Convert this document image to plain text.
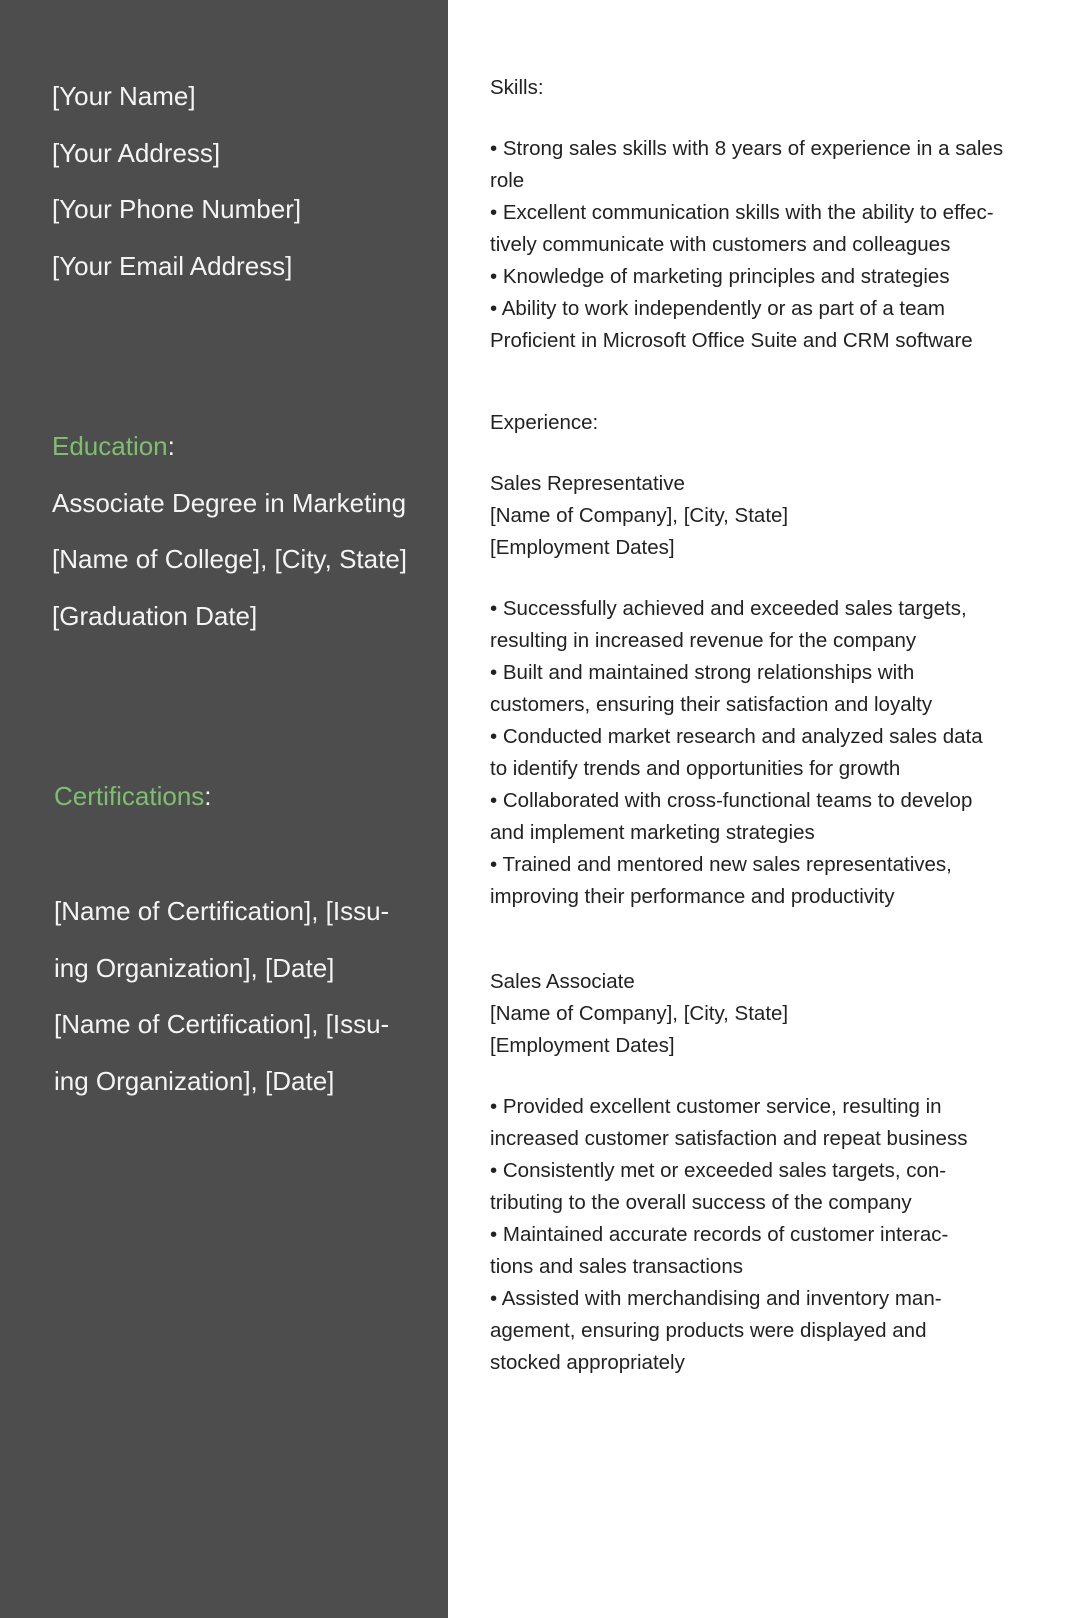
[Your Name]
[Your Address]
[Your Phone Number]
[Your Email Address]
Education:
Associate Degree in Marketing
[Name of College], [City, State]
[Graduation Date]
Certifications:
[Name of Certification], [Issu-
ing Organization], [Date]
[Name of Certification], [Issu-
ing Organization], [Date]
Skills:
• Strong sales skills with 8 years of experience in a sales
role
• Excellent communication skills with the ability to effec-
tively communicate with customers and colleagues
• Knowledge of marketing principles and strategies
• Ability to work independently or as part of a team
Proficient in Microsoft Office Suite and CRM software
Experience:
Sales Representative
[Name of Company], [City, State]
[Employment Dates]
• Successfully achieved and exceeded sales targets,
resulting in increased revenue for the company
• Built and maintained strong relationships with
customers, ensuring their satisfaction and loyalty
• Conducted market research and analyzed sales data
to identify trends and opportunities for growth
• Collaborated with cross-functional teams to develop
and implement marketing strategies
• Trained and mentored new sales representatives,
improving their performance and productivity
Sales Associate
[Name of Company], [City, State]
[Employment Dates]
• Provided excellent customer service, resulting in
increased customer satisfaction and repeat business
• Consistently met or exceeded sales targets, con-
tributing to the overall success of the company
• Maintained accurate records of customer interac-
tions and sales transactions
• Assisted with merchandising and inventory man-
agement, ensuring products were displayed and
stocked appropriately
